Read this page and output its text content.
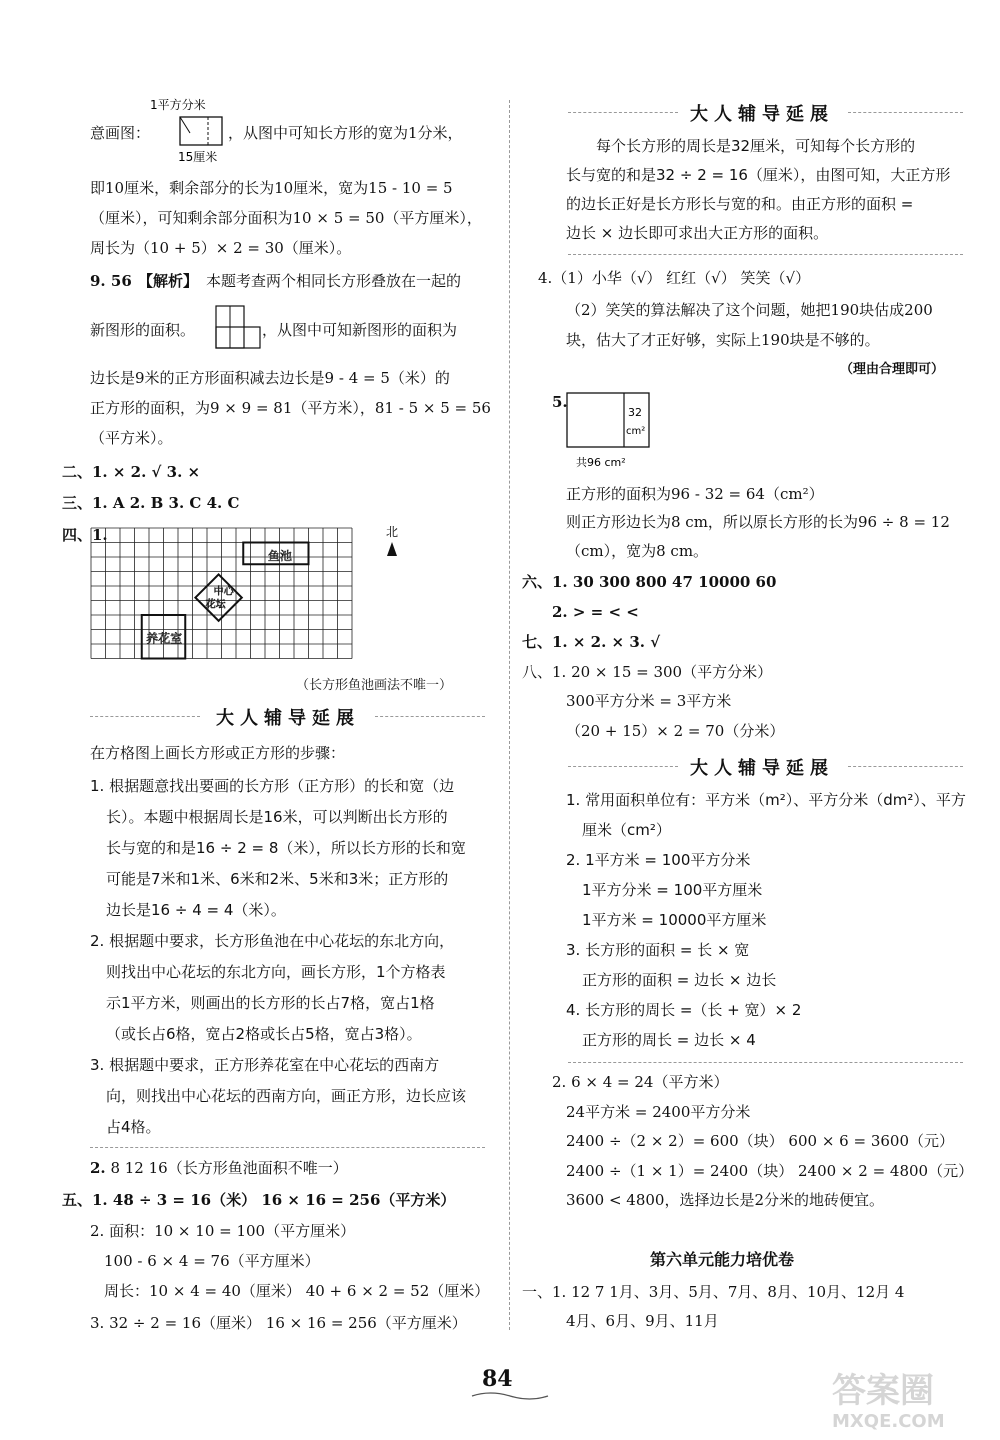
1平方分米
15厘米
意画图：	，从图中可知长方形的宽为1分米，
即10厘米，剩余部分的长为10厘米，宽为15 - 10 = 5
（厘米），可知剩余部分面积为10 × 5 = 50（平方厘米），
周长为（10 + 5）× 2 = 30（厘米）。
9. 56 【解析】 本题考查两个相同长方形叠放在一起的
新图形的面积。	，从图中可知新图形的面积为
边长是9米的正方形面积减去边长是9 - 4 = 5（米）的
正方形的面积，为9 × 9 = 81（平方米），81 - 5 × 5 = 56
（平方米）。
二、1. × 2. √ 3. ×
三、1. A 2. B 3. C 4. C
四、1.
鱼池
中心
花坛
养花室
北
（长方形鱼池画法不唯一）
大人辅导延展
在方格图上画长方形或正方形的步骤：
1. 根据题意找出要画的长方形（正方形）的长和宽（边
长）。本题中根据周长是16米，可以判断出长方形的
长与宽的和是16 ÷ 2 = 8（米），所以长方形的长和宽
可能是7米和1米、6米和2米、5米和3米；正方形的
边长是16 ÷ 4 = 4（米）。
2. 根据题中要求，长方形鱼池在中心花坛的东北方向，
则找出中心花坛的东北方向，画长方形，1个方格表
示1平方米，则画出的长方形的长占7格，宽占1格
（或长占6格，宽占2格或长占5格，宽占3格）。
3. 根据题中要求，正方形养花室在中心花坛的西南方
向，则找出中心花坛的西南方向，画正方形，边长应该
占4格。
2. 8 12 16（长方形鱼池面积不唯一）
五、1. 48 ÷ 3 = 16（米） 16 × 16 = 256（平方米）
2. 面积：10 × 10 = 100（平方厘米）
100 - 6 × 4 = 76（平方厘米）
周长：10 × 4 = 40（厘米） 40 + 6 × 2 = 52（厘米）
3. 32 ÷ 2 = 16（厘米） 16 × 16 = 256（平方厘米）
大人辅导延展
每个长方形的周长是32厘米，可知每个长方形的
长与宽的和是32 ÷ 2 = 16（厘米），由图可知，大正方形
的边长正好是长方形长与宽的和。由正方形的面积 =
边长 × 边长即可求出大正方形的面积。
4.（1）小华（√） 红红（√） 笑笑（√）
（2）笑笑的算法解决了这个问题，她把190块估成200
块，估大了才正好够，实际上190块是不够的。
（理由合理即可）
5.
32
cm²
共96 cm²
正方形的面积为96 - 32 = 64（cm²）
则正方形边长为8 cm，所以原长方形的长为96 ÷ 8 = 12
（cm），宽为8 cm。
六、1. 30 300 800 47 10000 60
2. > = < <
七、1. × 2. × 3. √
八、1. 20 × 15 = 300（平方分米）
300平方分米 = 3平方米
（20 + 15）× 2 = 70（分米）
大人辅导延展
1. 常用面积单位有：平方米（m²）、平方分米（dm²）、平方
厘米（cm²）
2. 1平方米 = 100平方分米
1平方分米 = 100平方厘米
1平方米 = 10000平方厘米
3. 长方形的面积 = 长 × 宽
正方形的面积 = 边长 × 边长
4. 长方形的周长 =（长 + 宽）× 2
正方形的周长 = 边长 × 4
2. 6 × 4 = 24（平方米）
24平方米 = 2400平方分米
2400 ÷（2 × 2）= 600（块） 600 × 6 = 3600（元）
2400 ÷（1 × 1）= 2400（块） 2400 × 2 = 4800（元）
3600 < 4800，选择边长是2分米的地砖便宜。
第六单元能力培优卷
一、1. 12 7 1月、3月、5月、7月、8月、10月、12月 4
4月、6月、9月、11月
84	答案圈
MXQE.COM
